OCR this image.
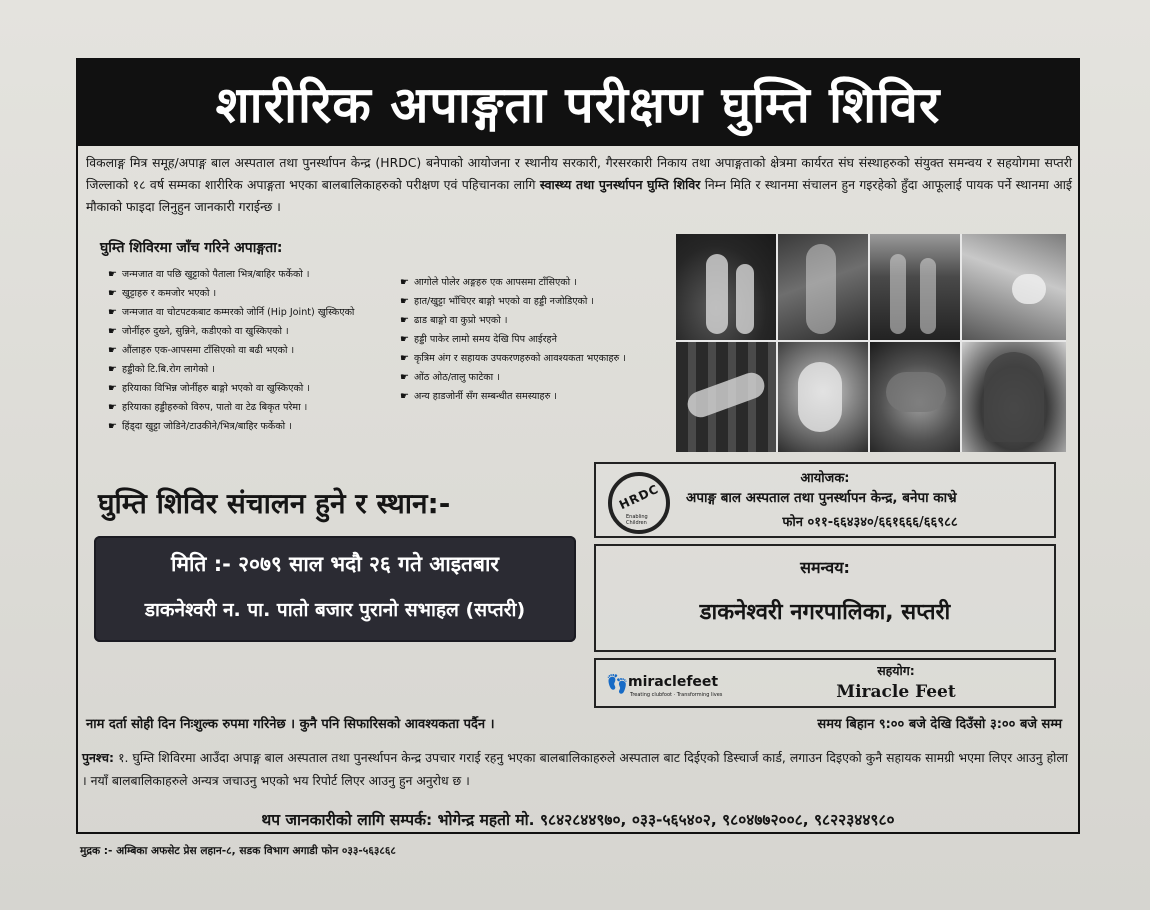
शारीरिक अपाङ्गता परीक्षण घुम्ति शिविर
विकलाङ्ग मित्र समूह/अपाङ्ग बाल अस्पताल तथा पुनर्स्थापन केन्द्र (HRDC) बनेपाको आयोजना र स्थानीय सरकारी, गैरसरकारी निकाय तथा अपाङ्गताको क्षेत्रमा कार्यरत संघ संस्थाहरुको संयुक्त समन्वय र सहयोगमा सप्तरी जिल्लाको १८ वर्ष सम्मका शारीरिक अपाङ्गता भएका बालबालिकाहरुको परीक्षण एवं पहिचानका लागि स्वास्थ्य तथा पुनर्स्थापन घुम्ति शिविर निम्न मिति र स्थानमा संचालन हुन गइरहेको हुँदा आफूलाई पायक पर्ने स्थानमा आई मौकाको फाइदा लिनुहुन जानकारी गराईन्छ ।
घुम्ति शिविरमा जाँच गरिने अपाङ्गता:
☛ जन्मजात वा पछि खुट्टाको पैताला भित्र/बाहिर फर्केको ।
☛ खुट्टाहरु र कमजोर भएको ।
☛ जन्मजात वा चोटपटकबाट कम्मरको जोर्नि (Hip Joint) खुस्किएको
☛ जोर्नीहरु दुख्ने, सुन्निने, कडीएको वा खुस्किएको ।
☛ औंलाहरु एक-आपसमा टाँसिएको वा बढी भएको ।
☛ हड्डीको टि.बि.रोग लागेको ।
☛ हरियाका विभिन्न जोर्नीहरु बाङ्गो भएको वा खुस्किएको ।
☛ हरियाका हड्डीहरुको विरुप, पातो वा टेढ बिकृत परेमा ।
☛ हिंड्दा खुट्टा जोडिने/टाउकीने/भित्र/बाहिर फर्केको ।
☛ आगोले पोलेर अङ्गहरु एक आपसमा टाँसिएको ।
☛ हात/खुट्टा भाँचिएर बाङ्गो भएको वा हड्डी नजोडिएको ।
☛ ढाड बाङ्गो वा कुप्रो भएको ।
☛ हड्डी पाकेर लामो समय देखि पिप आईरहने
☛ कृत्रिम अंग र सहायक उपकरणहरुको आवश्यकता भएकाहरु ।
☛ ओंठ ओठ/तालु फाटेका ।
☛ अन्य हाडजोर्नी सँग सम्बन्धीत समस्याहरु ।
घुम्ति शिविर संचालन हुने र स्थान:-
मिति :- २०७९ साल भदौ २६ गते आइतबार
डाकनेश्वरी न. पा. पातो बजार पुरानो सभाहल (सप्तरी)
HRDC
Enabling Children
आयोजक:
अपाङ्ग बाल अस्पताल तथा पुनर्स्थापन केन्द्र, बनेपा काभ्रे
फोन ०११-६६४३४०/६६१६६६/६६९८८
समन्वय:
डाकनेश्वरी नगरपालिका, सप्तरी
👣 miraclefeet
Treating clubfoot · Transforming lives
सहयोग:
Miracle Feet
नाम दर्ता सोही दिन निःशुल्क रुपमा गरिनेछ । कुनै पनि सिफारिसको आवश्यकता पर्दैन ।	समय बिहान ९:०० बजे देखि दिउँसो ३:०० बजे सम्म
पुनश्च: १. घुम्ति शिविरमा आउँदा अपाङ्ग बाल अस्पताल तथा पुनर्स्थापन केन्द्र उपचार गराई रहनु भएका बालबालिकाहरुले अस्पताल बाट दिईएको डिस्चार्ज कार्ड, लगाउन दिइएको कुनै सहायक सामग्री भएमा लिएर आउनु होला । नयाँ बालबालिकाहरुले अन्यत्र जचाउनु भएको भय रिपोर्ट लिएर आउनु हुन अनुरोध छ ।
थप जानकारीको लागि सम्पर्क: भोगेन्द्र महतो मो. ९८४२८४४९७०, ०३३-५६५४०२, ९८०४७७२००८, ९८२२३४४९८०
मुद्रक :- अम्बिका अफसेट प्रेस लहान-८, सडक विभाग अगाडी फोन ०३३-५६३८६८
